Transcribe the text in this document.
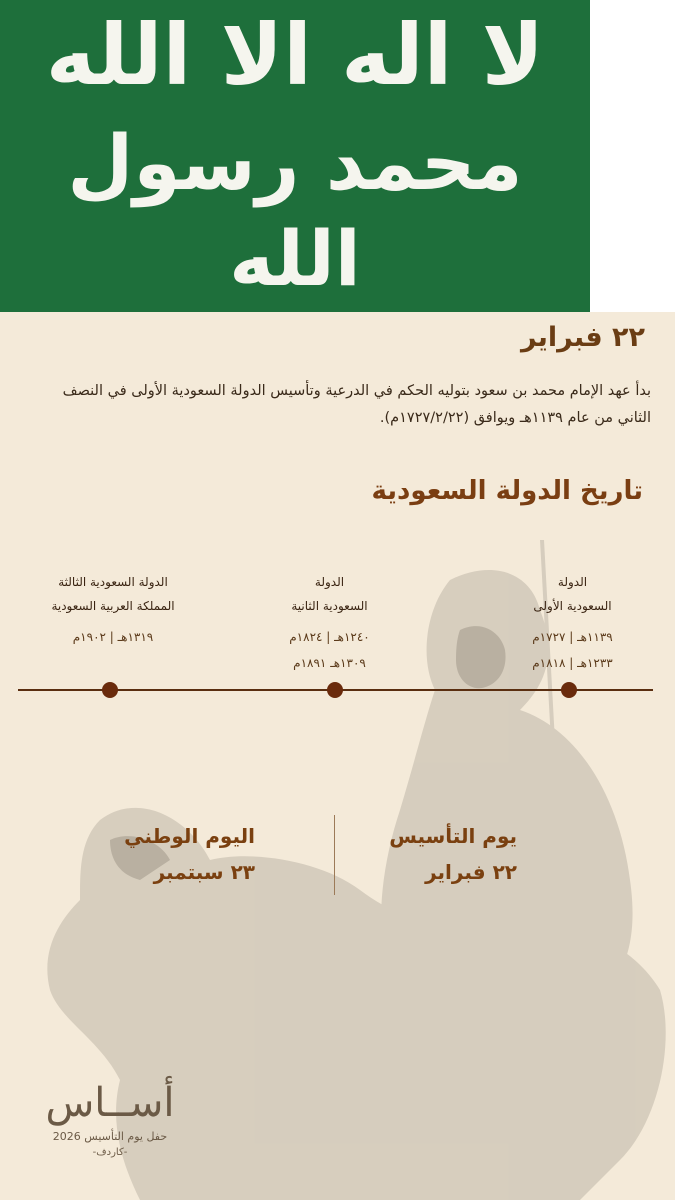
لا اله الا الله
محمد رسول الله
٢٢ فبراير
بدأ عهد الإمام محمد بن سعود بتوليه الحكم في الدرعية وتأسيس الدولة السعودية الأولى في النصف الثاني من عام ١١٣٩هـ ويوافق (١٧٢٧/٢/٢٢م).
تاريخ الدولة السعودية
الدولة
السعودية الأولى
١١٣٩هـ | ١٧٢٧م
١٢٣٣هـ | ١٨١٨م
الدولة
السعودية الثانية
١٢٤٠هـ | ١٨٢٤م
١٣٠٩هـ ١٨٩١م
الدولة السعودية الثالثة
المملكة العربية السعودية
١٣١٩هـ | ١٩٠٢م
يوم التأسيس
٢٢ فبراير
اليوم الوطني
٢٣ سبتمبر
أســاس
حفل يوم التأسيس 2026
-كاردف-
